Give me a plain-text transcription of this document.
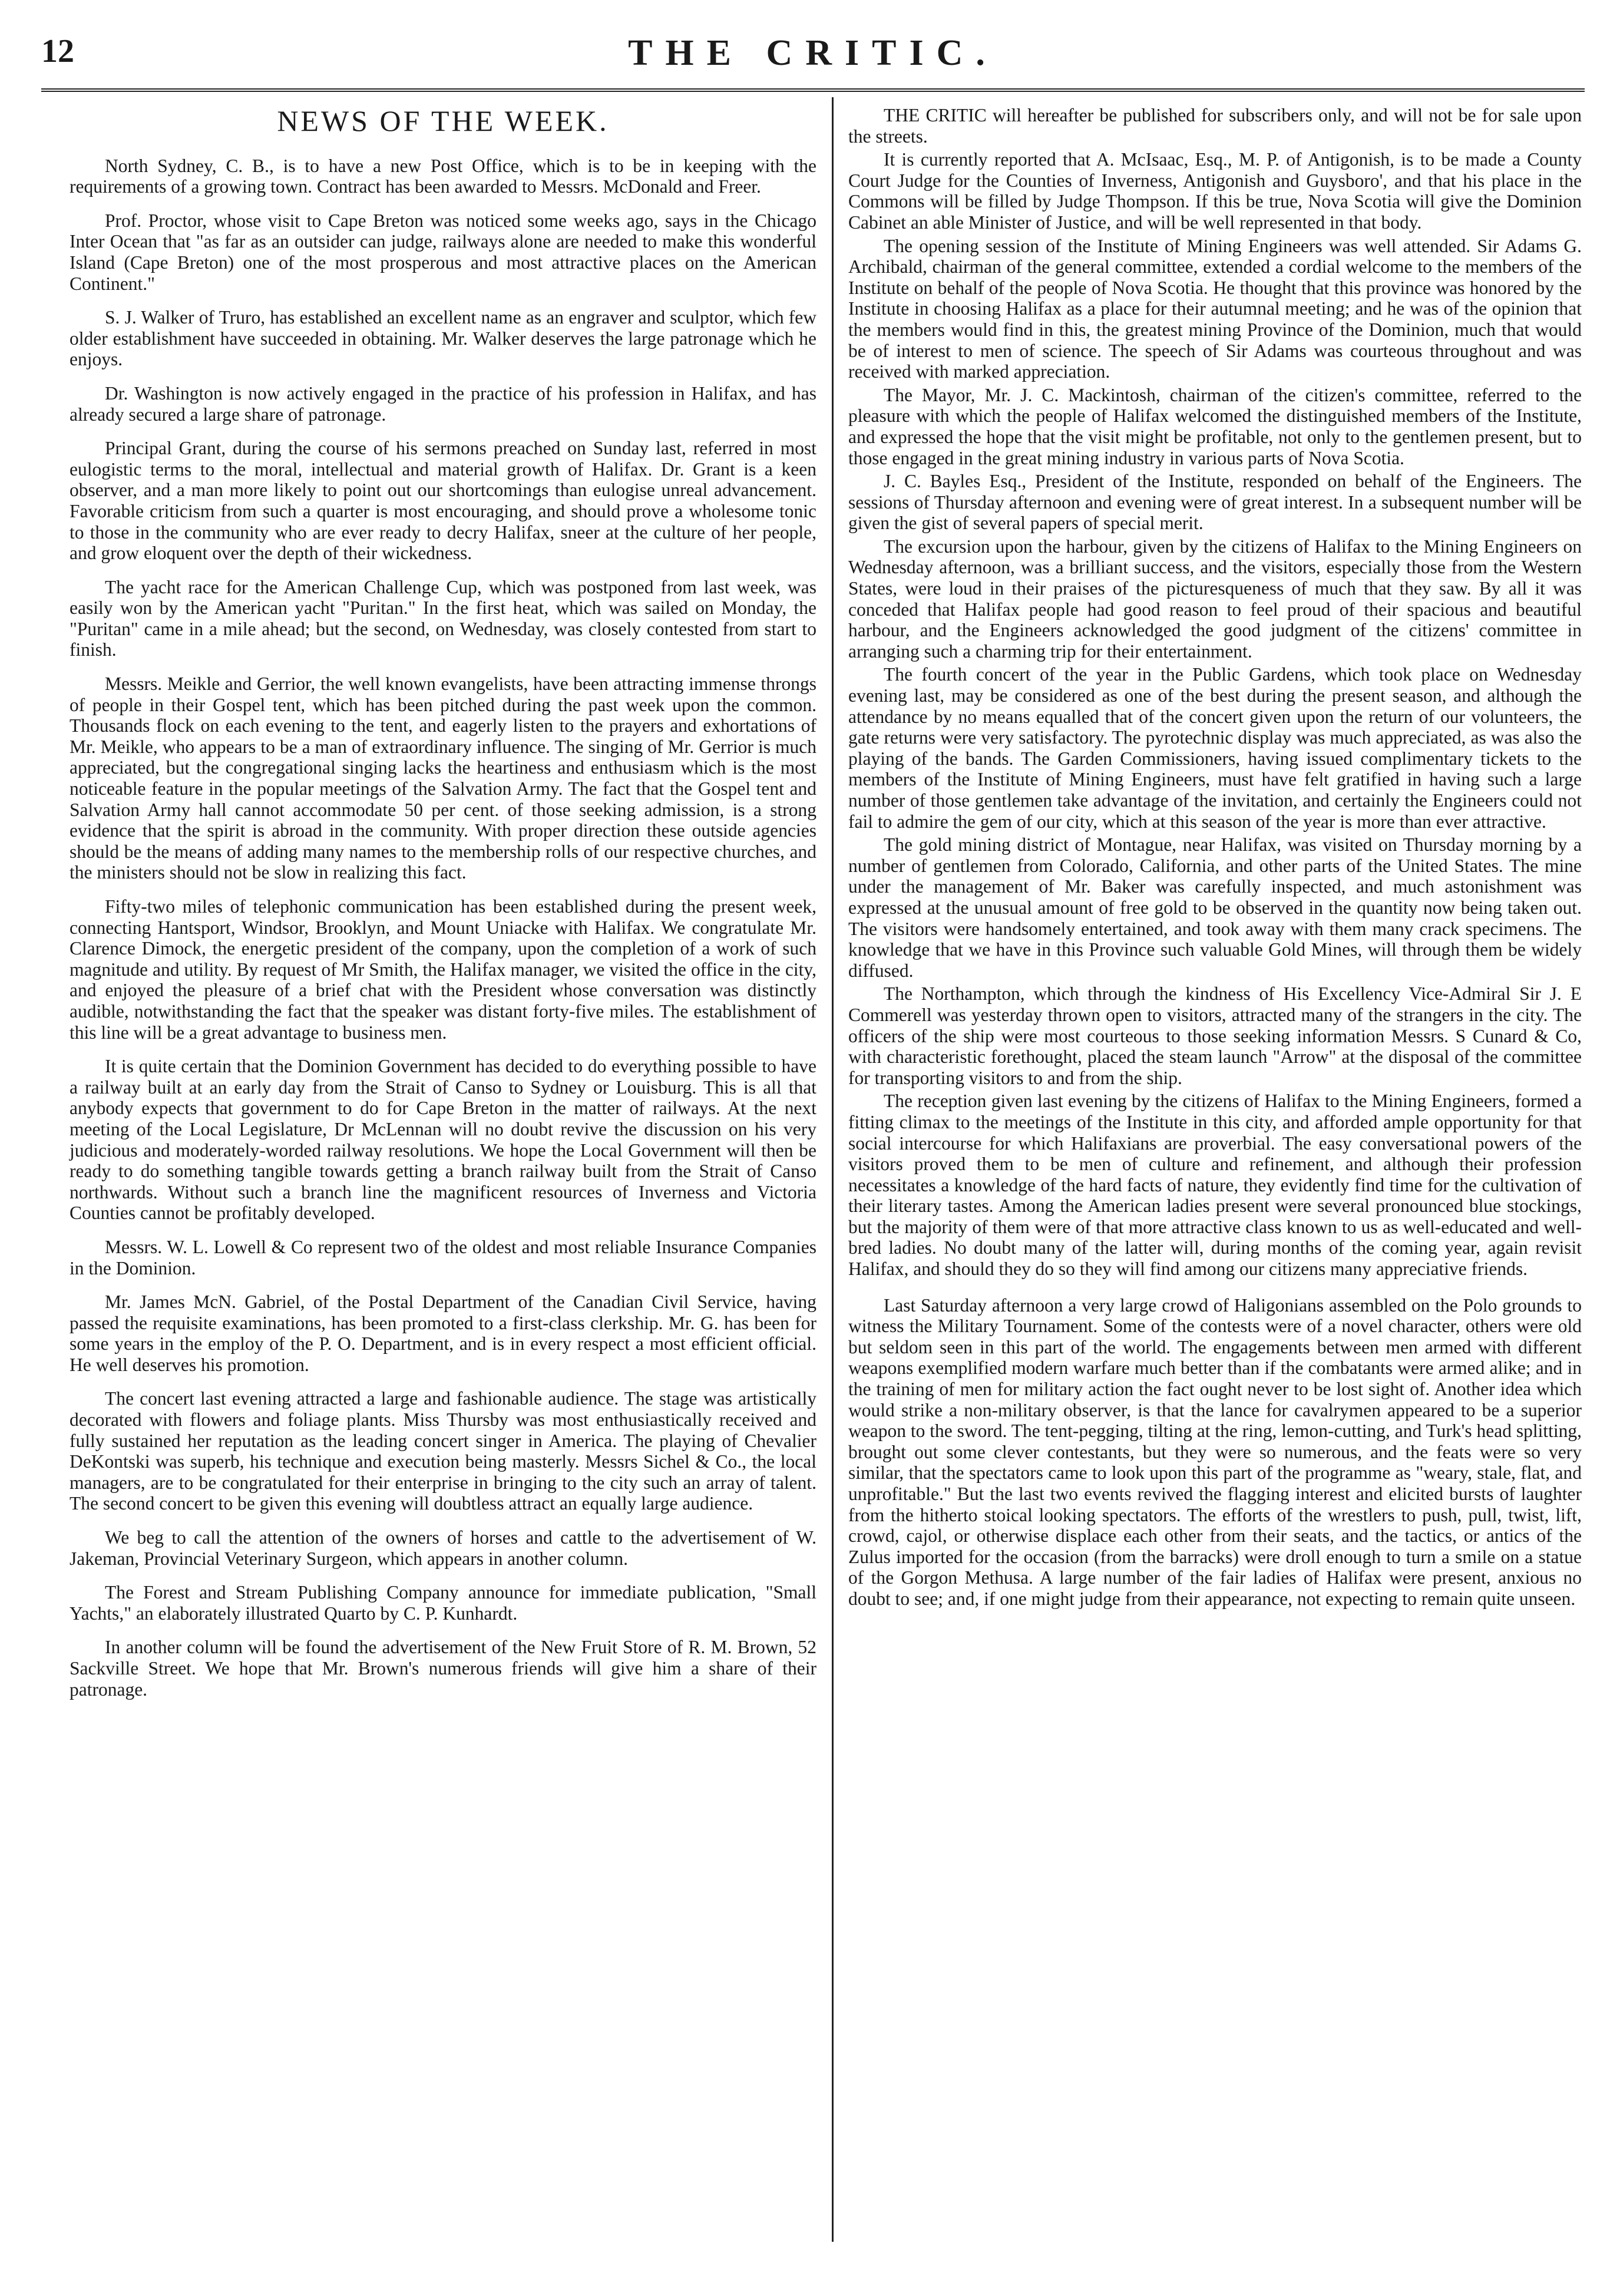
12	THE CRITIC.
NEWS OF THE WEEK.

North Sydney, C. B., is to have a new Post Office, which is to be in keeping with the requirements of a growing town. Contract has been awarded to Messrs. McDonald and Freer.

Prof. Proctor, whose visit to Cape Breton was noticed some weeks ago, says in the Chicago Inter Ocean that "as far as an outsider can judge, railways alone are needed to make this wonderful Island (Cape Breton) one of the most prosperous and most attractive places on the American Continent."

S. J. Walker of Truro, has established an excellent name as an engraver and sculptor, which few older establishment have succeeded in obtaining. Mr. Walker deserves the large patronage which he enjoys.

Dr. Washington is now actively engaged in the practice of his profession in Halifax, and has already secured a large share of patronage.

Principal Grant, during the course of his sermons preached on Sunday last, referred in most eulogistic terms to the moral, intellectual and material growth of Halifax. Dr. Grant is a keen observer, and a man more likely to point out our shortcomings than eulogise unreal advancement. Favorable criticism from such a quarter is most encouraging, and should prove a wholesome tonic to those in the community who are ever ready to decry Halifax, sneer at the culture of her people, and grow eloquent over the depth of their wickedness.

The yacht race for the American Challenge Cup, which was postponed from last week, was easily won by the American yacht "Puritan." In the first heat, which was sailed on Monday, the "Puritan" came in a mile ahead; but the second, on Wednesday, was closely contested from start to finish.

Messrs. Meikle and Gerrior, the well known evangelists, have been attracting immense throngs of people in their Gospel tent, which has been pitched during the past week upon the common. Thousands flock on each evening to the tent, and eagerly listen to the prayers and exhortations of Mr. Meikle, who appears to be a man of extraordinary influence. The singing of Mr. Gerrior is much appreciated, but the congregational singing lacks the heartiness and enthusiasm which is the most noticeable feature in the popular meetings of the Salvation Army. The fact that the Gospel tent and Salvation Army hall cannot accommodate 50 per cent. of those seeking admission, is a strong evidence that the spirit is abroad in the community. With proper direction these outside agencies should be the means of adding many names to the membership rolls of our respective churches, and the ministers should not be slow in realizing this fact.

Fifty-two miles of telephonic communication has been established during the present week, connecting Hantsport, Windsor, Brooklyn, and Mount Uniacke with Halifax. We congratulate Mr. Clarence Dimock, the energetic president of the company, upon the completion of a work of such magnitude and utility. By request of Mr Smith, the Halifax manager, we visited the office in the city, and enjoyed the pleasure of a brief chat with the President whose conversation was distinctly audible, notwithstanding the fact that the speaker was distant forty-five miles. The establishment of this line will be a great advantage to business men.

It is quite certain that the Dominion Government has decided to do everything possible to have a railway built at an early day from the Strait of Canso to Sydney or Louisburg. This is all that anybody expects that government to do for Cape Breton in the matter of railways. At the next meeting of the Local Legislature, Dr McLennan will no doubt revive the discussion on his very judicious and moderately-worded railway resolutions. We hope the Local Government will then be ready to do something tangible towards getting a branch railway built from the Strait of Canso northwards. Without such a branch line the magnificent resources of Inverness and Victoria Counties cannot be profitably developed.

Messrs. W. L. Lowell & Co represent two of the oldest and most reliable Insurance Companies in the Dominion.

Mr. James McN. Gabriel, of the Postal Department of the Canadian Civil Service, having passed the requisite examinations, has been promoted to a first-class clerkship. Mr. G. has been for some years in the employ of the P. O. Department, and is in every respect a most efficient official. He well deserves his promotion.

The concert last evening attracted a large and fashionable audience. The stage was artistically decorated with flowers and foliage plants. Miss Thursby was most enthusiastically received and fully sustained her reputation as the leading concert singer in America. The playing of Chevalier DeKontski was superb, his technique and execution being masterly. Messrs Sichel & Co., the local managers, are to be congratulated for their enterprise in bringing to the city such an array of talent. The second concert to be given this evening will doubtless attract an equally large audience.

We beg to call the attention of the owners of horses and cattle to the advertisement of W. Jakeman, Provincial Veterinary Surgeon, which appears in another column.

The Forest and Stream Publishing Company announce for immediate publication, "Small Yachts," an elaborately illustrated Quarto by C. P. Kunhardt.

In another column will be found the advertisement of the New Fruit Store of R. M. Brown, 52 Sackville Street. We hope that Mr. Brown's numerous friends will give him a share of their patronage.

THE CRITIC will hereafter be published for subscribers only, and will not be for sale upon the streets.

It is currently reported that A. McIsaac, Esq., M. P. of Antigonish, is to be made a County Court Judge for the Counties of Inverness, Antigonish and Guysboro', and that his place in the Commons will be filled by Judge Thompson. If this be true, Nova Scotia will give the Dominion Cabinet an able Minister of Justice, and will be well represented in that body.

The opening session of the Institute of Mining Engineers was well attended. Sir Adams G. Archibald, chairman of the general committee, extended a cordial welcome to the members of the Institute on behalf of the people of Nova Scotia. He thought that this province was honored by the Institute in choosing Halifax as a place for their autumnal meeting; and he was of the opinion that the members would find in this, the greatest mining Province of the Dominion, much that would be of interest to men of science. The speech of Sir Adams was courteous throughout and was received with marked appreciation.

The Mayor, Mr. J. C. Mackintosh, chairman of the citizen's committee, referred to the pleasure with which the people of Halifax welcomed the distinguished members of the Institute, and expressed the hope that the visit might be profitable, not only to the gentlemen present, but to those engaged in the great mining industry in various parts of Nova Scotia.

J. C. Bayles Esq., President of the Institute, responded on behalf of the Engineers. The sessions of Thursday afternoon and evening were of great interest. In a subsequent number will be given the gist of several papers of special merit.

The excursion upon the harbour, given by the citizens of Halifax to the Mining Engineers on Wednesday afternoon, was a brilliant success, and the visitors, especially those from the Western States, were loud in their praises of the picturesqueness of much that they saw. By all it was conceded that Halifax people had good reason to feel proud of their spacious and beautiful harbour, and the Engineers acknowledged the good judgment of the citizens' committee in arranging such a charming trip for their entertainment.

The fourth concert of the year in the Public Gardens, which took place on Wednesday evening last, may be considered as one of the best during the present season, and although the attendance by no means equalled that of the concert given upon the return of our volunteers, the gate returns were very satisfactory. The pyrotechnic display was much appreciated, as was also the playing of the bands. The Garden Commissioners, having issued complimentary tickets to the members of the Institute of Mining Engineers, must have felt gratified in having such a large number of those gentlemen take advantage of the invitation, and certainly the Engineers could not fail to admire the gem of our city, which at this season of the year is more than ever attractive.

The gold mining district of Montague, near Halifax, was visited on Thursday morning by a number of gentlemen from Colorado, California, and other parts of the United States. The mine under the management of Mr. Baker was carefully inspected, and much astonishment was expressed at the unusual amount of free gold to be observed in the quantity now being taken out. The visitors were handsomely entertained, and took away with them many crack specimens. The knowledge that we have in this Province such valuable Gold Mines, will through them be widely diffused.

The Northampton, which through the kindness of His Excellency Vice-Admiral Sir J. E Commerell was yesterday thrown open to visitors, attracted many of the strangers in the city. The officers of the ship were most courteous to those seeking information Messrs. S Cunard & Co, with characteristic forethought, placed the steam launch "Arrow" at the disposal of the committee for transporting visitors to and from the ship.

The reception given last evening by the citizens of Halifax to the Mining Engineers, formed a fitting climax to the meetings of the Institute in this city, and afforded ample opportunity for that social intercourse for which Halifaxians are proverbial. The easy conversational powers of the visitors proved them to be men of culture and refinement, and although their profession necessitates a knowledge of the hard facts of nature, they evidently find time for the cultivation of their literary tastes. Among the American ladies present were several pronounced blue stockings, but the majority of them were of that more attractive class known to us as well-educated and well-bred ladies. No doubt many of the latter will, during months of the coming year, again revisit Halifax, and should they do so they will find among our citizens many appreciative friends.

Last Saturday afternoon a very large crowd of Haligonians assembled on the Polo grounds to witness the Military Tournament. Some of the contests were of a novel character, others were old but seldom seen in this part of the world. The engagements between men armed with different weapons exemplified modern warfare much better than if the combatants were armed alike; and in the training of men for military action the fact ought never to be lost sight of. Another idea which would strike a non-military observer, is that the lance for cavalrymen appeared to be a superior weapon to the sword. The tent-pegging, tilting at the ring, lemon-cutting, and Turk's head splitting, brought out some clever contestants, but they were so numerous, and the feats were so very similar, that the spectators came to look upon this part of the programme as "weary, stale, flat, and unprofitable." But the last two events revived the flagging interest and elicited bursts of laughter from the hitherto stoical looking spectators. The efforts of the wrestlers to push, pull, twist, lift, crowd, cajol, or otherwise displace each other from their seats, and the tactics, or antics of the Zulus imported for the occasion (from the barracks) were droll enough to turn a smile on a statue of the Gorgon Methusa. A large number of the fair ladies of Halifax were present, anxious no doubt to see; and, if one might judge from their appearance, not expecting to remain quite unseen.
